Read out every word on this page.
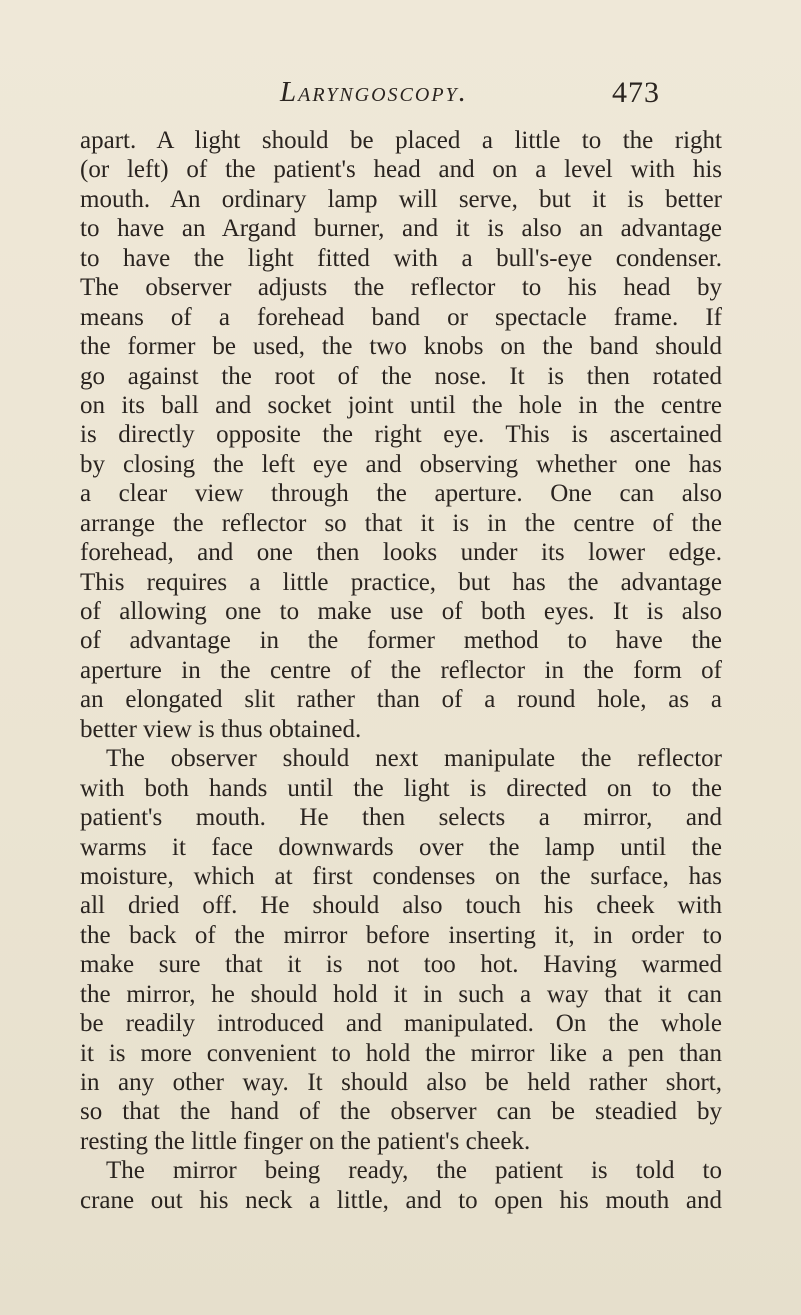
Laryngoscopy.	473
apart. A light should be placed a little to the right
(or left) of the patient's head and on a level with his
mouth. An ordinary lamp will serve, but it is better
to have an Argand burner, and it is also an advantage
to have the light fitted with a bull's-eye condenser.
The observer adjusts the reflector to his head by
means of a forehead band or spectacle frame. If
the former be used, the two knobs on the band should
go against the root of the nose. It is then rotated
on its ball and socket joint until the hole in the centre
is directly opposite the right eye. This is ascertained
by closing the left eye and observing whether one has
a clear view through the aperture. One can also
arrange the reflector so that it is in the centre of the
forehead, and one then looks under its lower edge.
This requires a little practice, but has the advantage
of allowing one to make use of both eyes. It is also
of advantage in the former method to have the
aperture in the centre of the reflector in the form of
an elongated slit rather than of a round hole, as a
better view is thus obtained.
The observer should next manipulate the reflector
with both hands until the light is directed on to the
patient's mouth. He then selects a mirror, and
warms it face downwards over the lamp until the
moisture, which at first condenses on the surface, has
all dried off. He should also touch his cheek with
the back of the mirror before inserting it, in order to
make sure that it is not too hot. Having warmed
the mirror, he should hold it in such a way that it can
be readily introduced and manipulated. On the whole
it is more convenient to hold the mirror like a pen than
in any other way. It should also be held rather short,
so that the hand of the observer can be steadied by
resting the little finger on the patient's cheek.
The mirror being ready, the patient is told to
crane out his neck a little, and to open his mouth and
